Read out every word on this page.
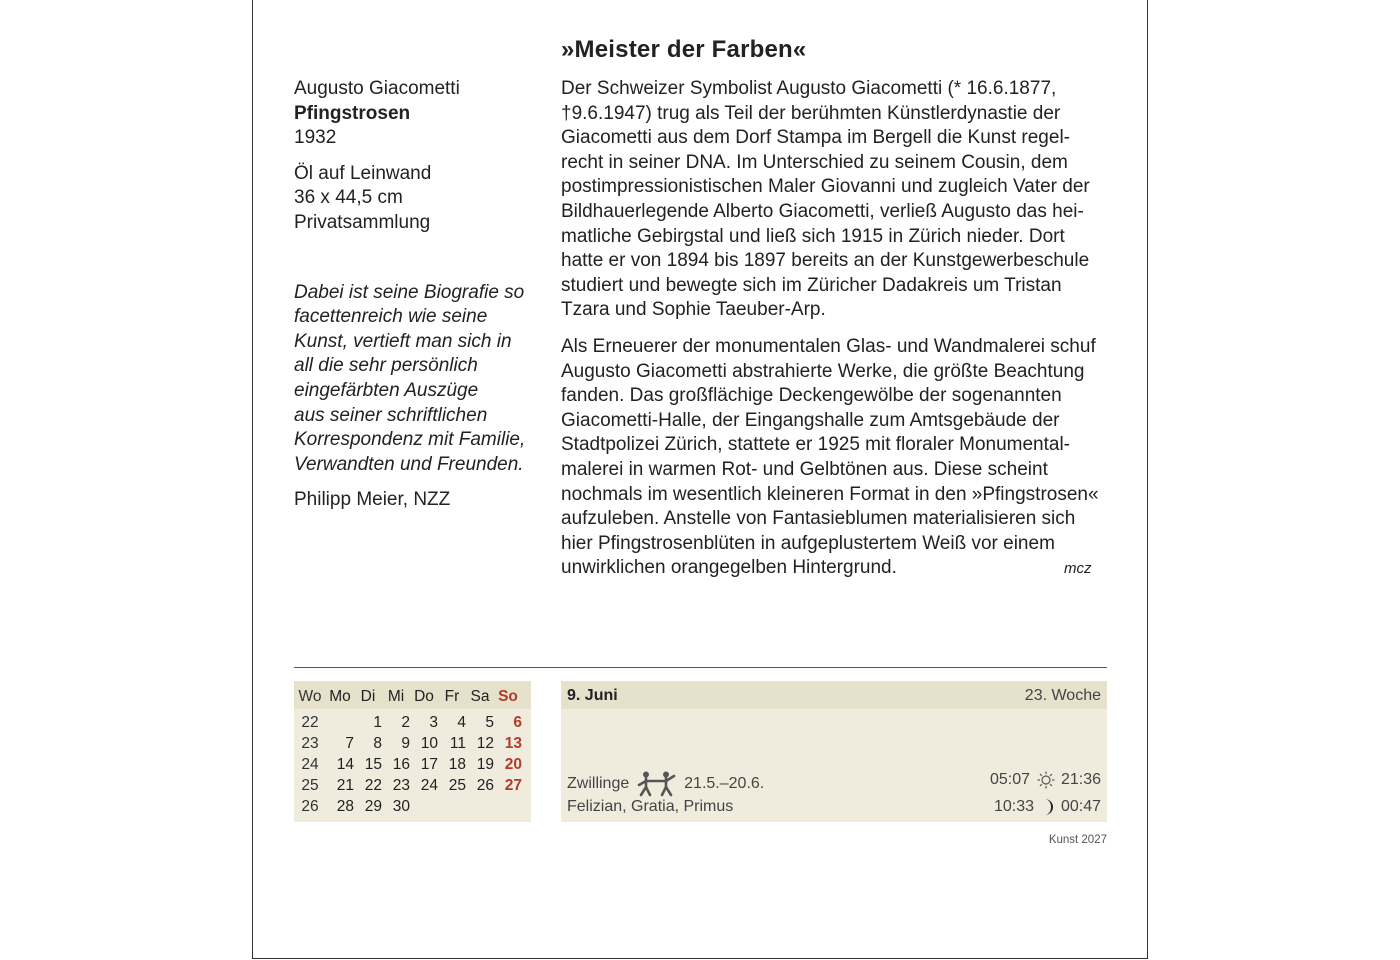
Augusto Giacometti
Pfingstrosen
1932
Öl auf Leinwand
36 x 44,5 cm
Privatsammlung
Dabei ist seine Biografie so
facettenreich wie seine
Kunst, vertieft man sich in
all die sehr persönlich
eingefärbten Auszüge
aus seiner schriftlichen
Korrespondenz mit Familie,
Verwandten und Freunden.
Philipp Meier, NZZ
»Meister der Farben«

Der Schweizer Symbolist Augusto Giacometti (* 16.6.1877,
†9.6.1947) trug als Teil der berühmten Künstlerdynastie der
Giacometti aus dem Dorf Stampa im Bergell die Kunst regel-
recht in seiner DNA. Im Unterschied zu seinem Cousin, dem
postimpressionistischen Maler Giovanni und zugleich Vater der
Bildhauerlegende Alberto Giacometti, verließ Augusto das hei-
matliche Gebirgstal und ließ sich 1915 in Zürich nieder. Dort
hatte er von 1894 bis 1897 bereits an der Kunstgewerbeschule
studiert und bewegte sich im Züricher Dadakreis um Tristan
Tzara und Sophie Taeuber-Arp.

Als Erneuerer der monumentalen Glas- und Wandmalerei schuf
Augusto Giacometti abstrahierte Werke, die größte Beachtung
fanden. Das großflächige Deckengewölbe der sogenannten
Giacometti-Halle, der Eingangshalle zum Amtsgebäude der
Stadtpolizei Zürich, stattete er 1925 mit floraler Monumental-
malerei in warmen Rot- und Gelbtönen aus. Diese scheint
nochmals im wesentlich kleineren Format in den »Pfingstrosen«
aufzuleben. Anstelle von Fantasieblumen materialisieren sich
hier Pfingstrosenblüten in aufgeplustertem Weiß vor einem
unwirklichen orangegelben Hintergrund.	mcz
Wo	Mo	Di	Mi	Do	Fr	Sa	So
22		1	2	3	4	5	6
23	7	8	9	10	11	12	13
24	14	15	16	17	18	19	20
25	21	22	23	24	25	26	27
26	28	29	30				
9. Juni	23. Woche
Zwillinge	21.5.–20.6.
Felizian, Gratia, Primus
05:07 21:36
10:33 00:47
Kunst 2027
